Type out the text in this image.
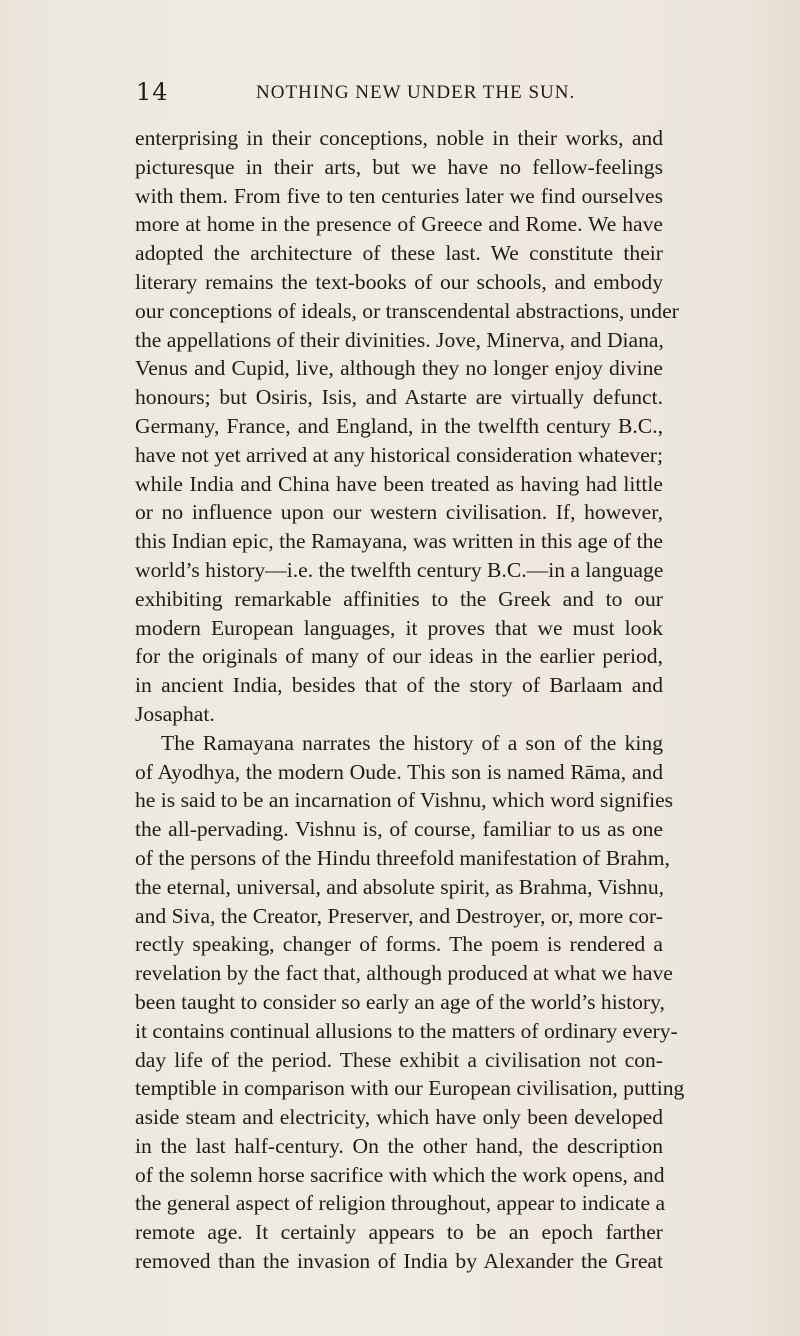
14	NOTHING NEW UNDER THE SUN.
enterprising in their conceptions, noble in their works, and
picturesque in their arts, but we have no fellow-feelings
with them. From five to ten centuries later we find ourselves
more at home in the presence of Greece and Rome. We have
adopted the architecture of these last. We constitute their
literary remains the text-books of our schools, and embody
our conceptions of ideals, or transcendental abstractions, under
the appellations of their divinities. Jove, Minerva, and Diana,
Venus and Cupid, live, although they no longer enjoy divine
honours; but Osiris, Isis, and Astarte are virtually defunct.
Germany, France, and England, in the twelfth century B.C.,
have not yet arrived at any historical consideration whatever;
while India and China have been treated as having had little
or no influence upon our western civilisation. If, however,
this Indian epic, the Ramayana, was written in this age of the
world’s history—i.e. the twelfth century B.C.—in a language
exhibiting remarkable affinities to the Greek and to our
modern European languages, it proves that we must look
for the originals of many of our ideas in the earlier period,
in ancient India, besides that of the story of Barlaam and
Josaphat.
The Ramayana narrates the history of a son of the king
of Ayodhya, the modern Oude. This son is named Rāma, and
he is said to be an incarnation of Vishnu, which word signifies
the all-pervading. Vishnu is, of course, familiar to us as one
of the persons of the Hindu threefold manifestation of Brahm,
the eternal, universal, and absolute spirit, as Brahma, Vishnu,
and Siva, the Creator, Preserver, and Destroyer, or, more cor-
rectly speaking, changer of forms. The poem is rendered a
revelation by the fact that, although produced at what we have
been taught to consider so early an age of the world’s history,
it contains continual allusions to the matters of ordinary every-
day life of the period. These exhibit a civilisation not con-
temptible in comparison with our European civilisation, putting
aside steam and electricity, which have only been developed
in the last half-century. On the other hand, the description
of the solemn horse sacrifice with which the work opens, and
the general aspect of religion throughout, appear to indicate a
remote age. It certainly appears to be an epoch farther
removed than the invasion of India by Alexander the Great
